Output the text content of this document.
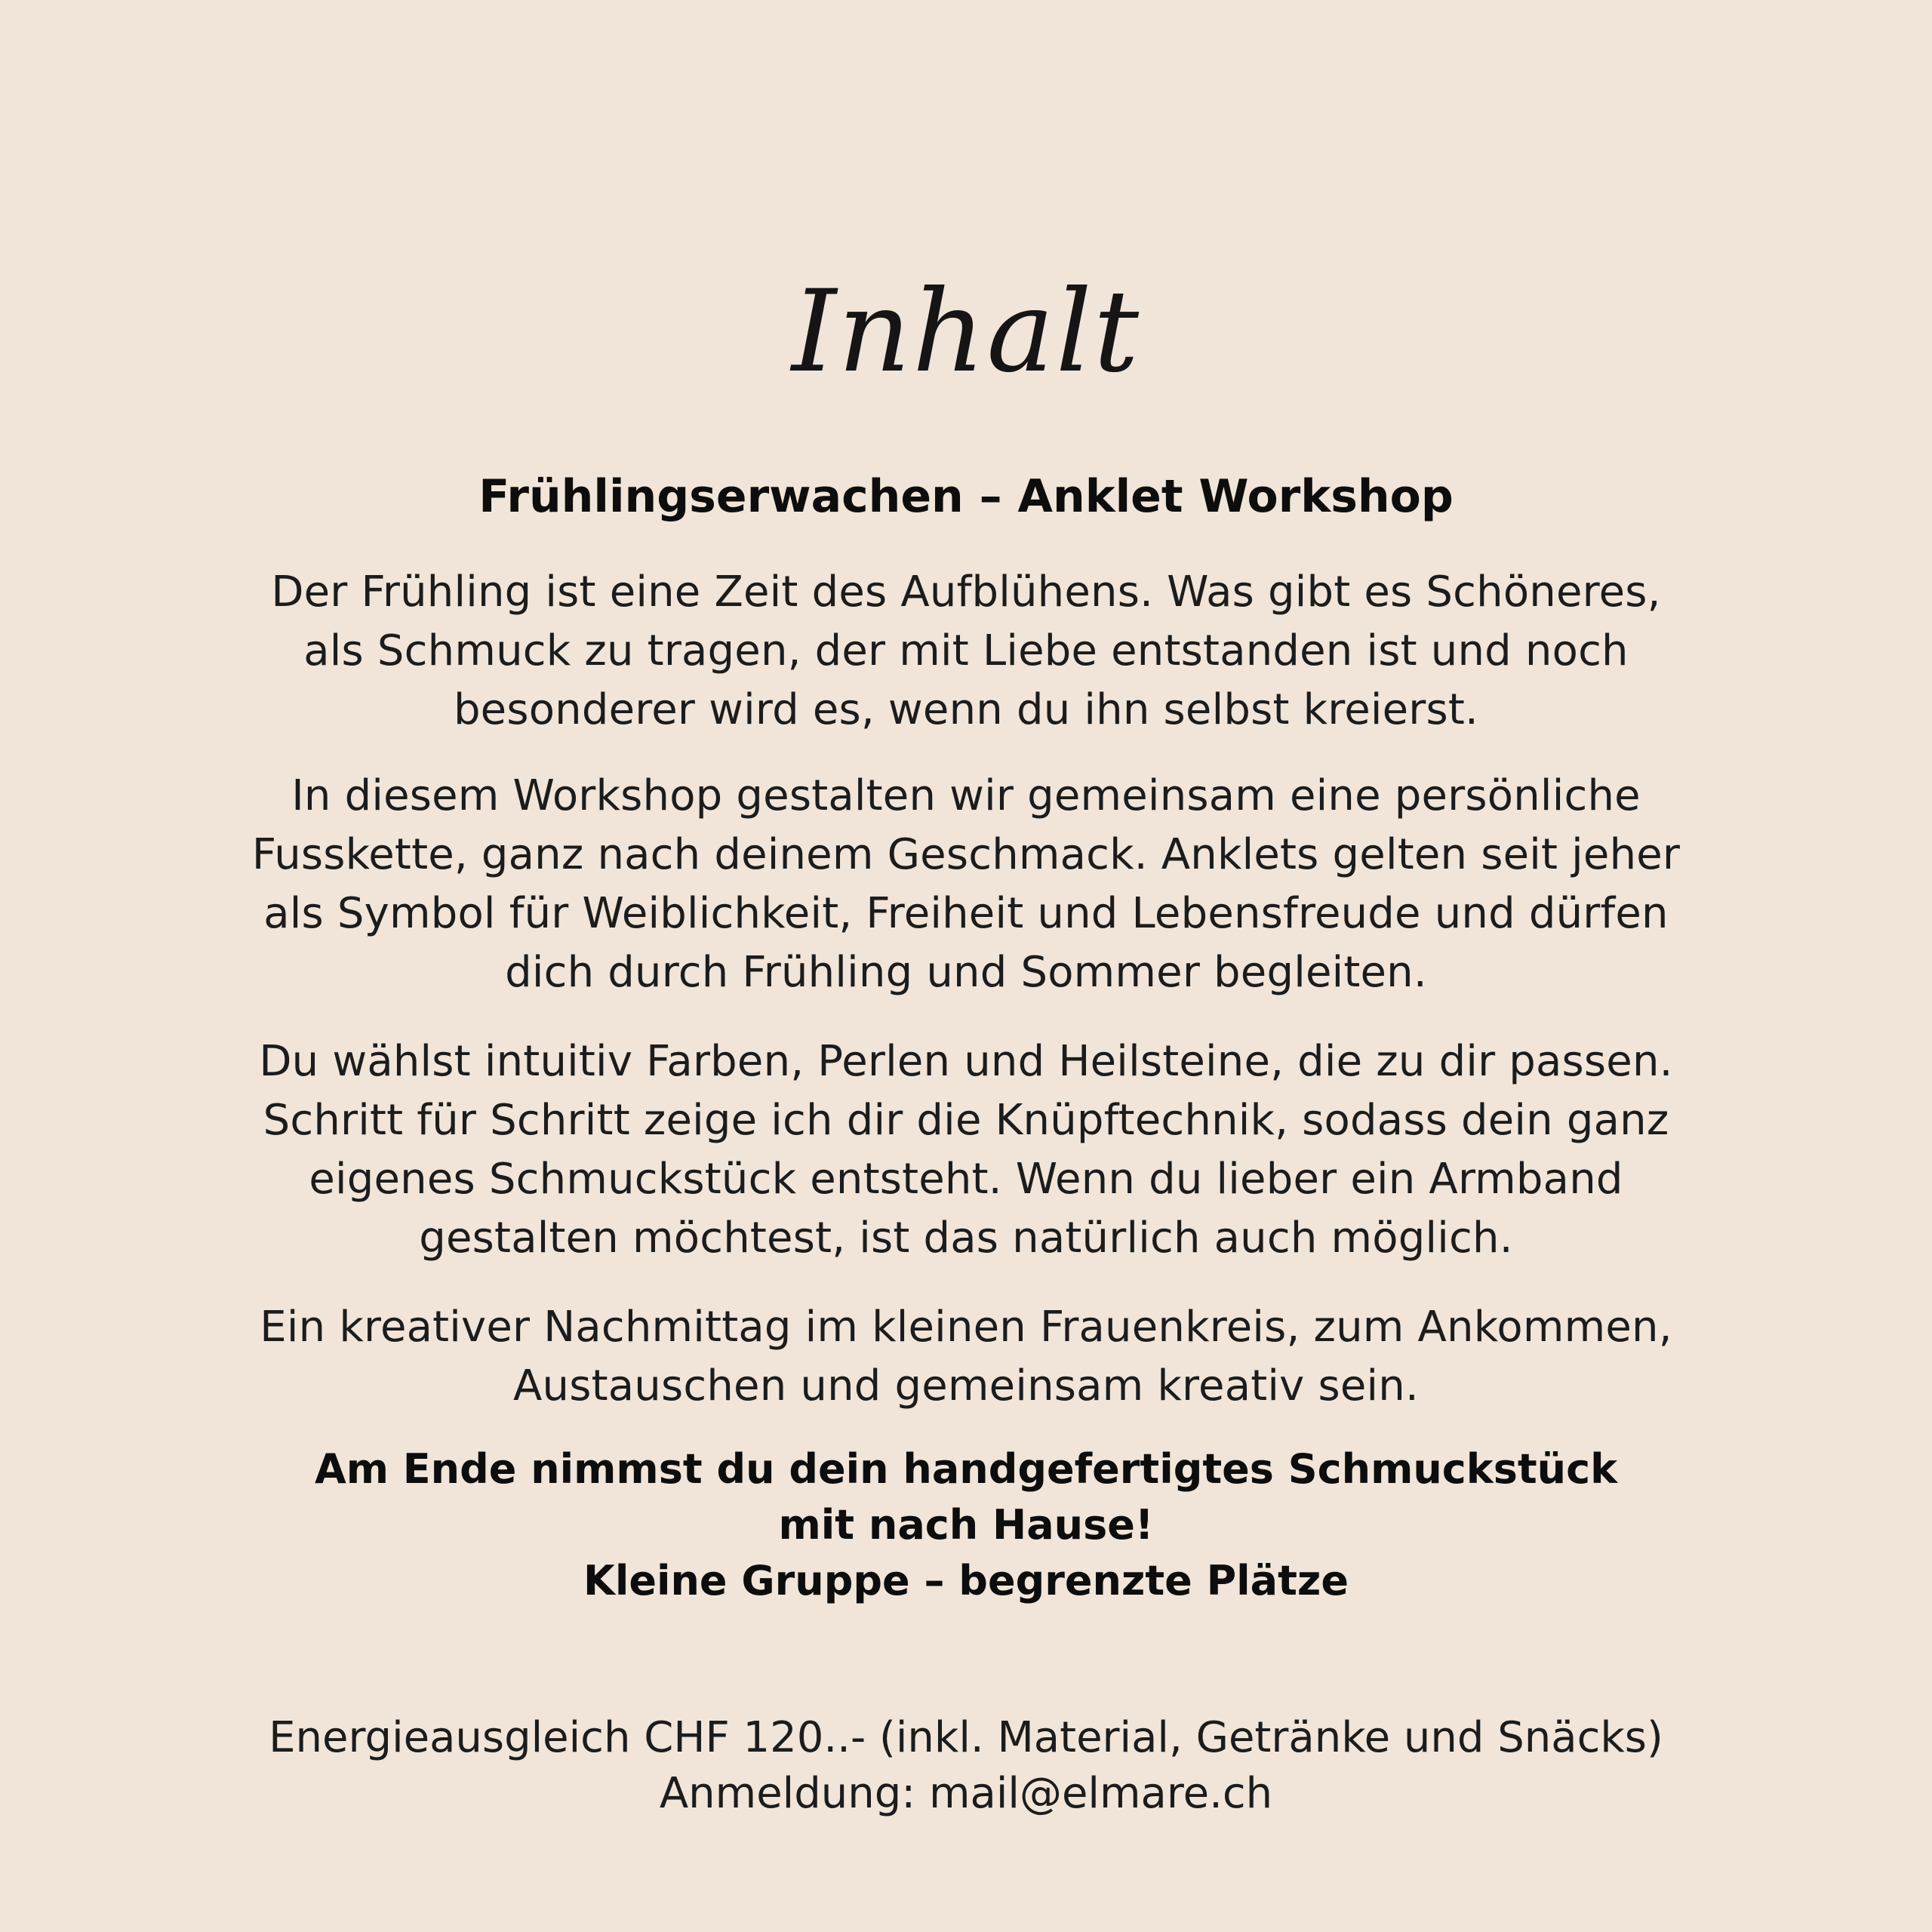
Inhalt
Frühlingserwachen – Anklet Workshop
Der Frühling ist eine Zeit des Aufblühens. Was gibt es Schöneres,
als Schmuck zu tragen, der mit Liebe entstanden ist und noch
besonderer wird es, wenn du ihn selbst kreierst.
In diesem Workshop gestalten wir gemeinsam eine persönliche
Fusskette, ganz nach deinem Geschmack. Anklets gelten seit jeher
als Symbol für Weiblichkeit, Freiheit und Lebensfreude und dürfen
dich durch Frühling und Sommer begleiten.
Du wählst intuitiv Farben, Perlen und Heilsteine, die zu dir passen.
Schritt für Schritt zeige ich dir die Knüpftechnik, sodass dein ganz
eigenes Schmuckstück entsteht. Wenn du lieber ein Armband
gestalten möchtest, ist das natürlich auch möglich.
Ein kreativer Nachmittag im kleinen Frauenkreis, zum Ankommen,
Austauschen und gemeinsam kreativ sein.
Am Ende nimmst du dein handgefertigtes Schmuckstück
mit nach Hause!
Kleine Gruppe – begrenzte Plätze
Energieausgleich CHF 120..- (inkl. Material, Getränke und Snäcks)
Anmeldung: mail@elmare.ch
